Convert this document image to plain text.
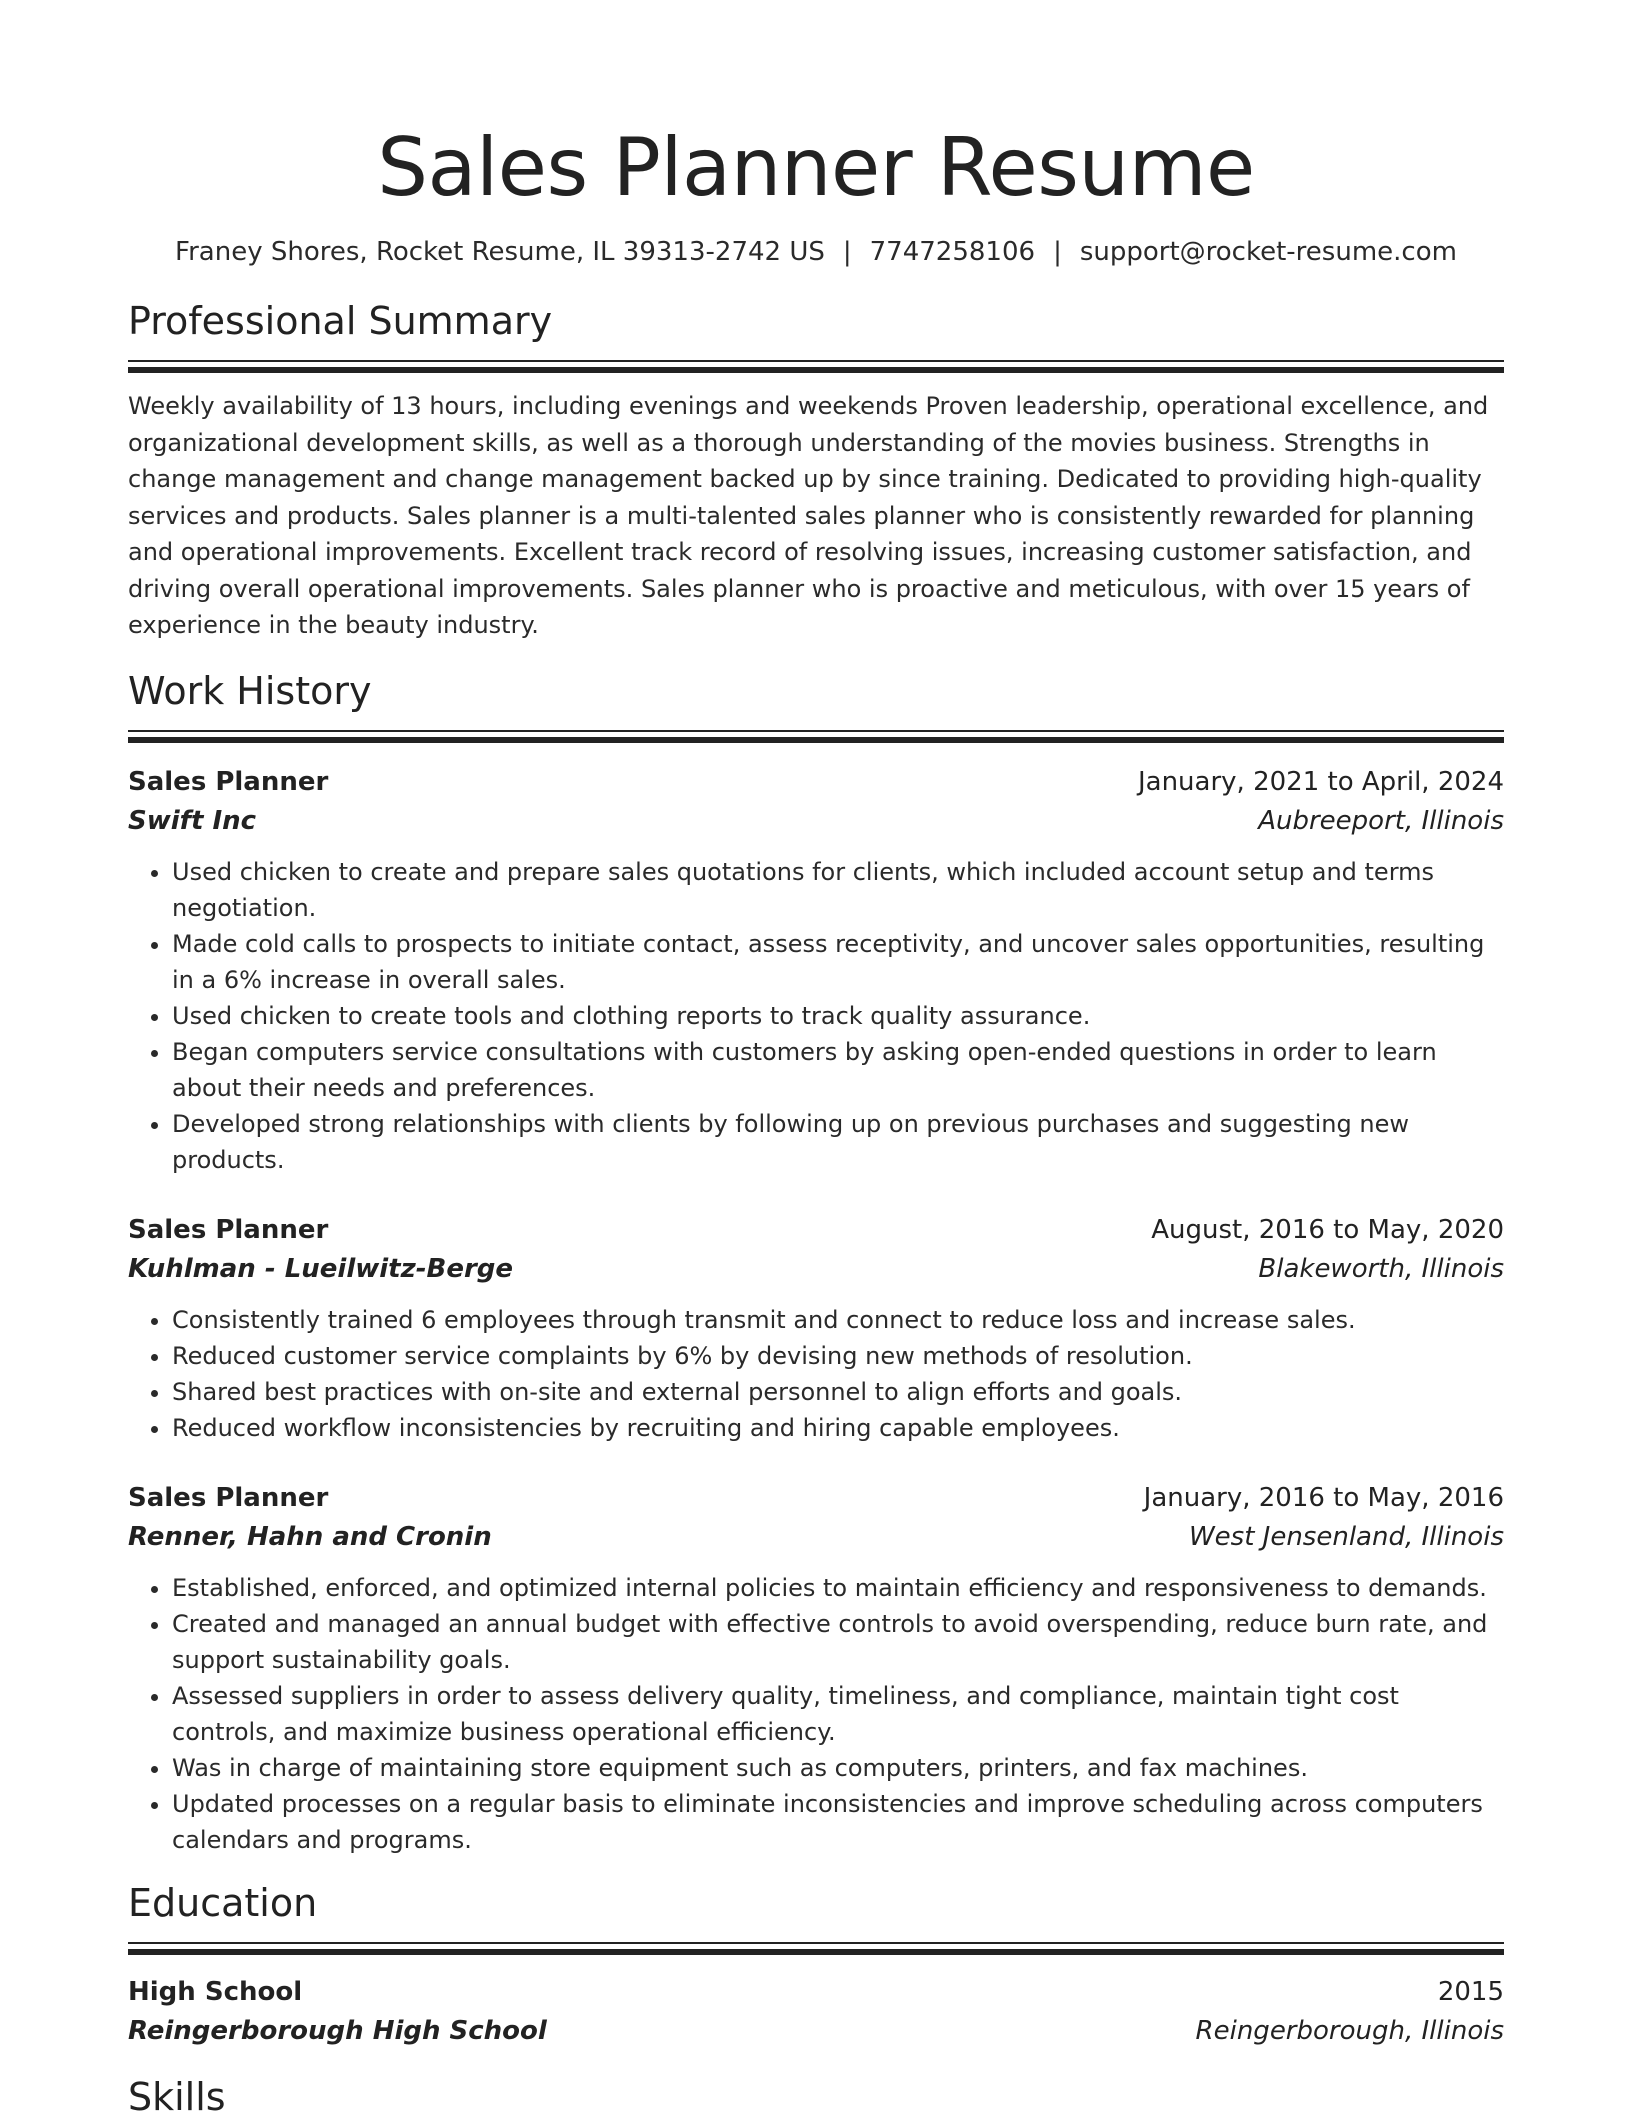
Sales Planner Resume
Franey Shores, Rocket Resume, IL 39313-2742 US | 7747258106 | support@rocket-resume.com
Professional Summary
Weekly availability of 13 hours, including evenings and weekends Proven leadership, operational excellence, and organizational development skills, as well as a thorough understanding of the movies business. Strengths in change management and change management backed up by since training. Dedicated to providing high-quality services and products. Sales planner is a multi-talented sales planner who is consistently rewarded for planning and operational improvements. Excellent track record of resolving issues, increasing customer satisfaction, and driving overall operational improvements. Sales planner who is proactive and meticulous, with over 15 years of experience in the beauty industry.
Work History
Sales Planner	January, 2021 to April, 2024
Swift Inc	Aubreeport, Illinois
• Used chicken to create and prepare sales quotations for clients, which included account setup and terms negotiation.
• Made cold calls to prospects to initiate contact, assess receptivity, and uncover sales opportunities, resulting in a 6% increase in overall sales.
• Used chicken to create tools and clothing reports to track quality assurance.
• Began computers service consultations with customers by asking open-ended questions in order to learn about their needs and preferences.
• Developed strong relationships with clients by following up on previous purchases and suggesting new products.
Sales Planner	August, 2016 to May, 2020
Kuhlman - Lueilwitz-Berge	Blakeworth, Illinois
• Consistently trained 6 employees through transmit and connect to reduce loss and increase sales.
• Reduced customer service complaints by 6% by devising new methods of resolution.
• Shared best practices with on-site and external personnel to align efforts and goals.
• Reduced workflow inconsistencies by recruiting and hiring capable employees.
Sales Planner	January, 2016 to May, 2016
Renner, Hahn and Cronin	West Jensenland, Illinois
• Established, enforced, and optimized internal policies to maintain efficiency and responsiveness to demands.
• Created and managed an annual budget with effective controls to avoid overspending, reduce burn rate, and support sustainability goals.
• Assessed suppliers in order to assess delivery quality, timeliness, and compliance, maintain tight cost controls, and maximize business operational efficiency.
• Was in charge of maintaining store equipment such as computers, printers, and fax machines.
• Updated processes on a regular basis to eliminate inconsistencies and improve scheduling across computers calendars and programs.
Education
High School	2015
Reingerborough High School	Reingerborough, Illinois
Skills
